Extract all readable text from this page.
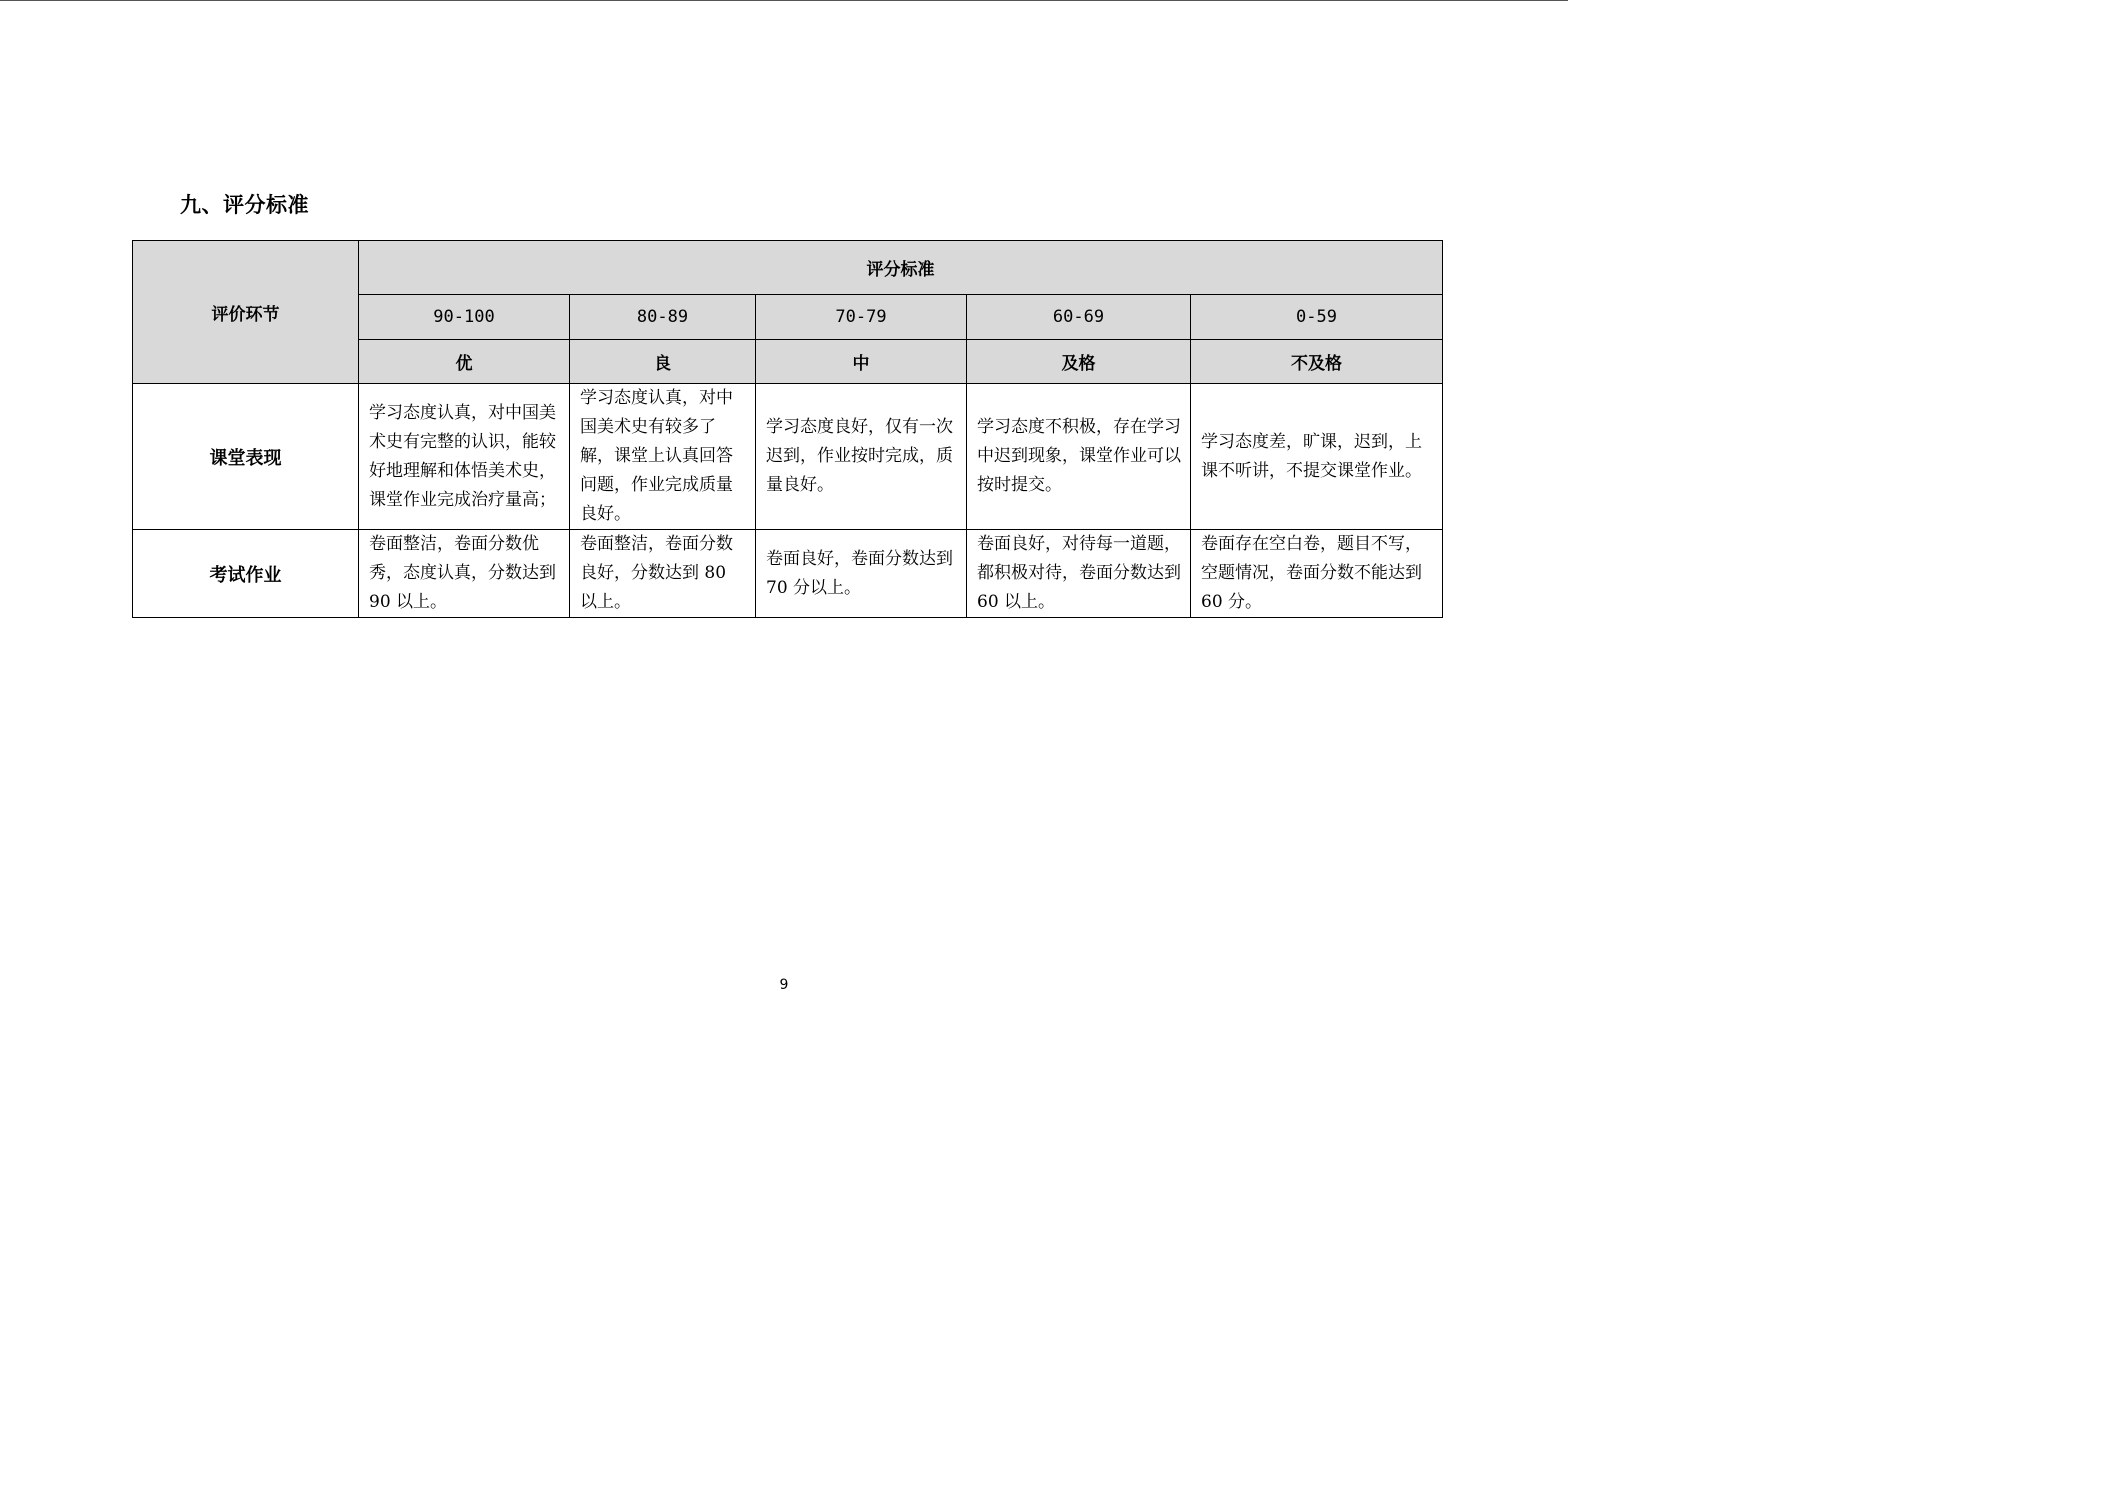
九、评分标准
评价环节	评分标准				
	90-100	80-89	70-79	60-69	0-59
	优	良	中	及格	不及格
课堂表现	学习态度认真，对中国美术史有完整的认识，能较好地理解和体悟美术史，课堂作业完成治疗量高；	学习态度认真，对中国美术史有较多了解，课堂上认真回答问题，作业完成质量良好。	学习态度良好，仅有一次迟到，作业按时完成，质量良好。	学习态度不积极，存在学习中迟到现象，课堂作业可以按时提交。	学习态度差，旷课，迟到，上课不听讲，不提交课堂作业。
考试作业	卷面整洁，卷面分数优秀，态度认真，分数达到 90 以上。	卷面整洁，卷面分数良好，分数达到 80 以上。	卷面良好，卷面分数达到 70 分以上。	卷面良好，对待每一道题，都积极对待，卷面分数达到 60 以上。	卷面存在空白卷，题目不写，空题情况，卷面分数不能达到 60 分。
9
